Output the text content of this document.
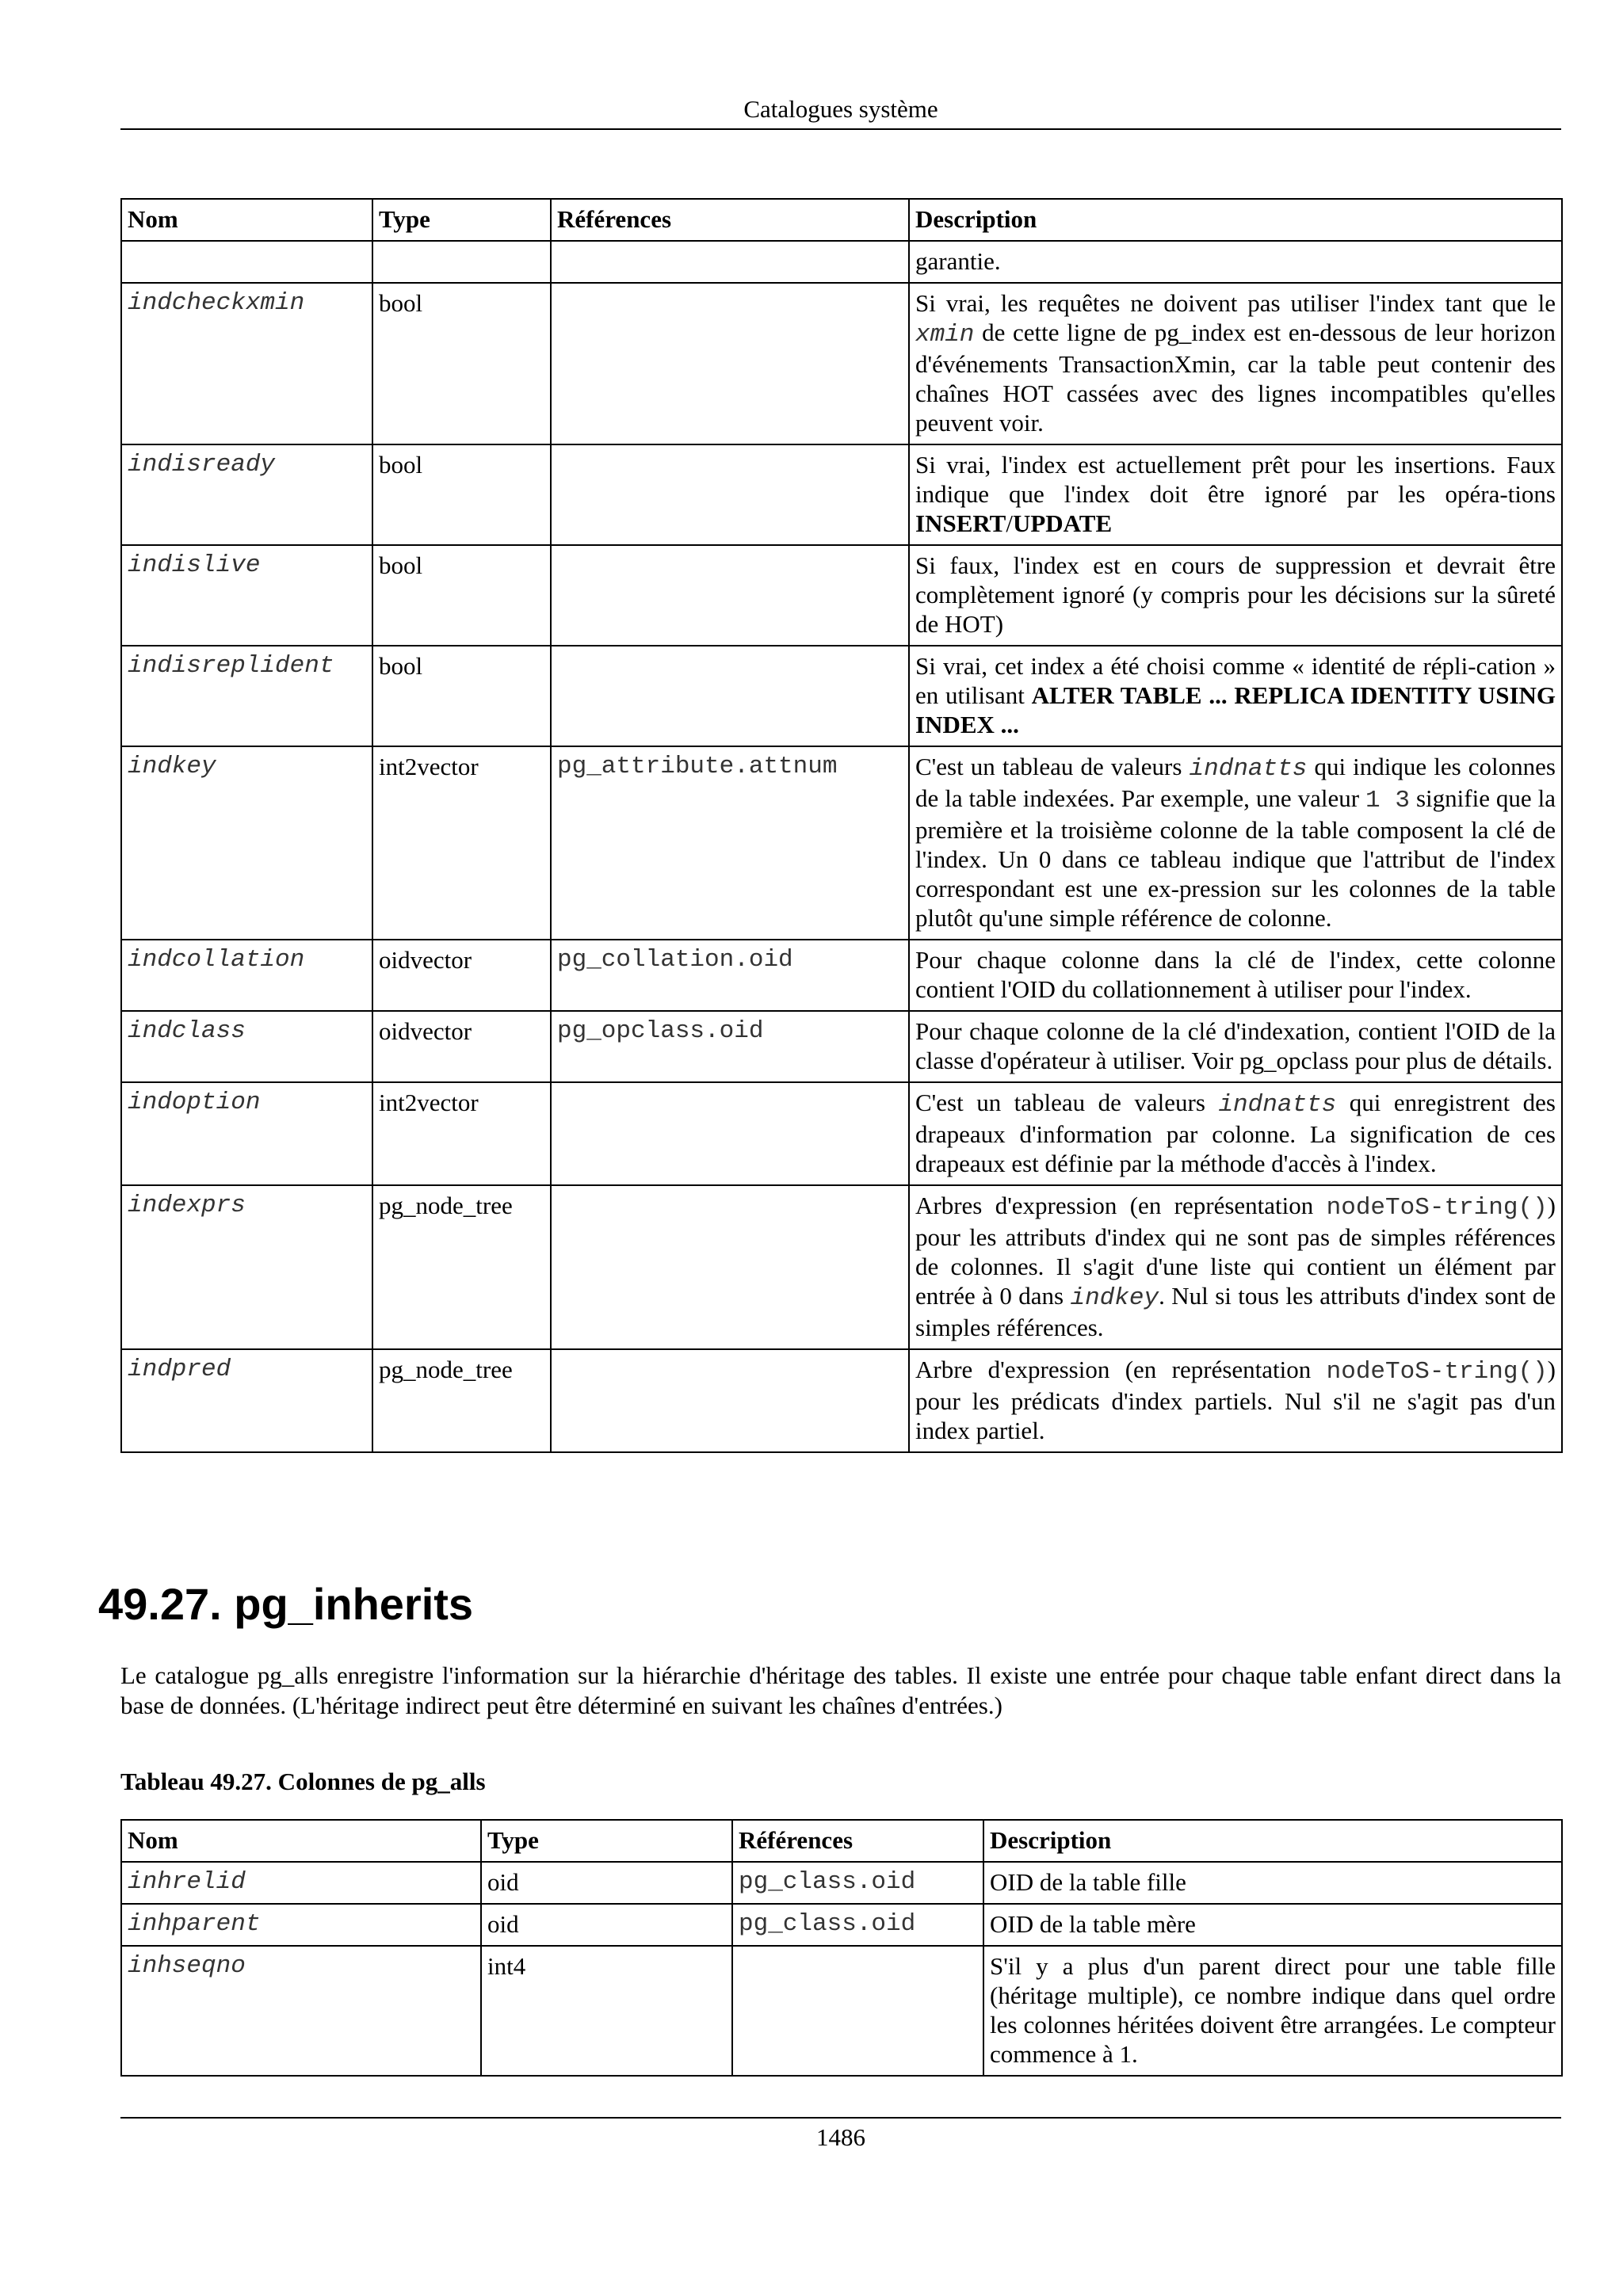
Catalogues système
Nom	Type	Références	Description
			garantie.
indcheckxmin	bool		Si vrai, les requêtes ne doivent pas utiliser l'index tant que le xmin de cette ligne de pg_index est en-dessous de leur horizon d'événements TransactionXmin, car la table peut contenir des chaînes HOT cassées avec des lignes incompatibles qu'elles peuvent voir.
indisready	bool		Si vrai, l'index est actuellement prêt pour les insertions. Faux indique que l'index doit être ignoré par les opéra-tions INSERT/UPDATE
indislive	bool		Si faux, l'index est en cours de suppression et devrait être complètement ignoré (y compris pour les décisions sur la sûreté de HOT)
indisreplident	bool		Si vrai, cet index a été choisi comme « identité de répli-cation » en utilisant ALTER TABLE ... REPLICA IDENTITY USING INDEX ...
indkey	int2vector	pg_attribute.attnum	C'est un tableau de valeurs indnatts qui indique les colonnes de la table indexées. Par exemple, une valeur 1 3 signifie que la première et la troisième colonne de la table composent la clé de l'index. Un 0 dans ce tableau indique que l'attribut de l'index correspondant est une ex-pression sur les colonnes de la table plutôt qu'une simple référence de colonne.
indcollation	oidvector	pg_collation.oid	Pour chaque colonne dans la clé de l'index, cette colonne contient l'OID du collationnement à utiliser pour l'index.
indclass	oidvector	pg_opclass.oid	Pour chaque colonne de la clé d'indexation, contient l'OID de la classe d'opérateur à utiliser. Voir pg_opclass pour plus de détails.
indoption	int2vector		C'est un tableau de valeurs indnatts qui enregistrent des drapeaux d'information par colonne. La signification de ces drapeaux est définie par la méthode d'accès à l'index.
indexprs	pg_node_tree		Arbres d'expression (en représentation nodeToS-tring()) pour les attributs d'index qui ne sont pas de simples références de colonnes. Il s'agit d'une liste qui contient un élément par entrée à 0 dans indkey. Nul si tous les attributs d'index sont de simples références.
indpred	pg_node_tree		Arbre d'expression (en représentation nodeToS-tring()) pour les prédicats d'index partiels. Nul s'il ne s'agit pas d'un index partiel.
49.27. pg_inherits

Le catalogue pg_alls enregistre l'information sur la hiérarchie d'héritage des tables. Il existe une entrée pour chaque table enfant direct dans la base de données. (L'héritage indirect peut être déterminé en suivant les chaînes d'entrées.)

Tableau 49.27. Colonnes de pg_alls
Nom	Type	Références	Description
inhrelid	oid	pg_class.oid	OID de la table fille
inhparent	oid	pg_class.oid	OID de la table mère
inhseqno	int4		S'il y a plus d'un parent direct pour une table fille (héritage multiple), ce nombre indique dans quel ordre les colonnes héritées doivent être arrangées. Le compteur commence à 1.
1486
